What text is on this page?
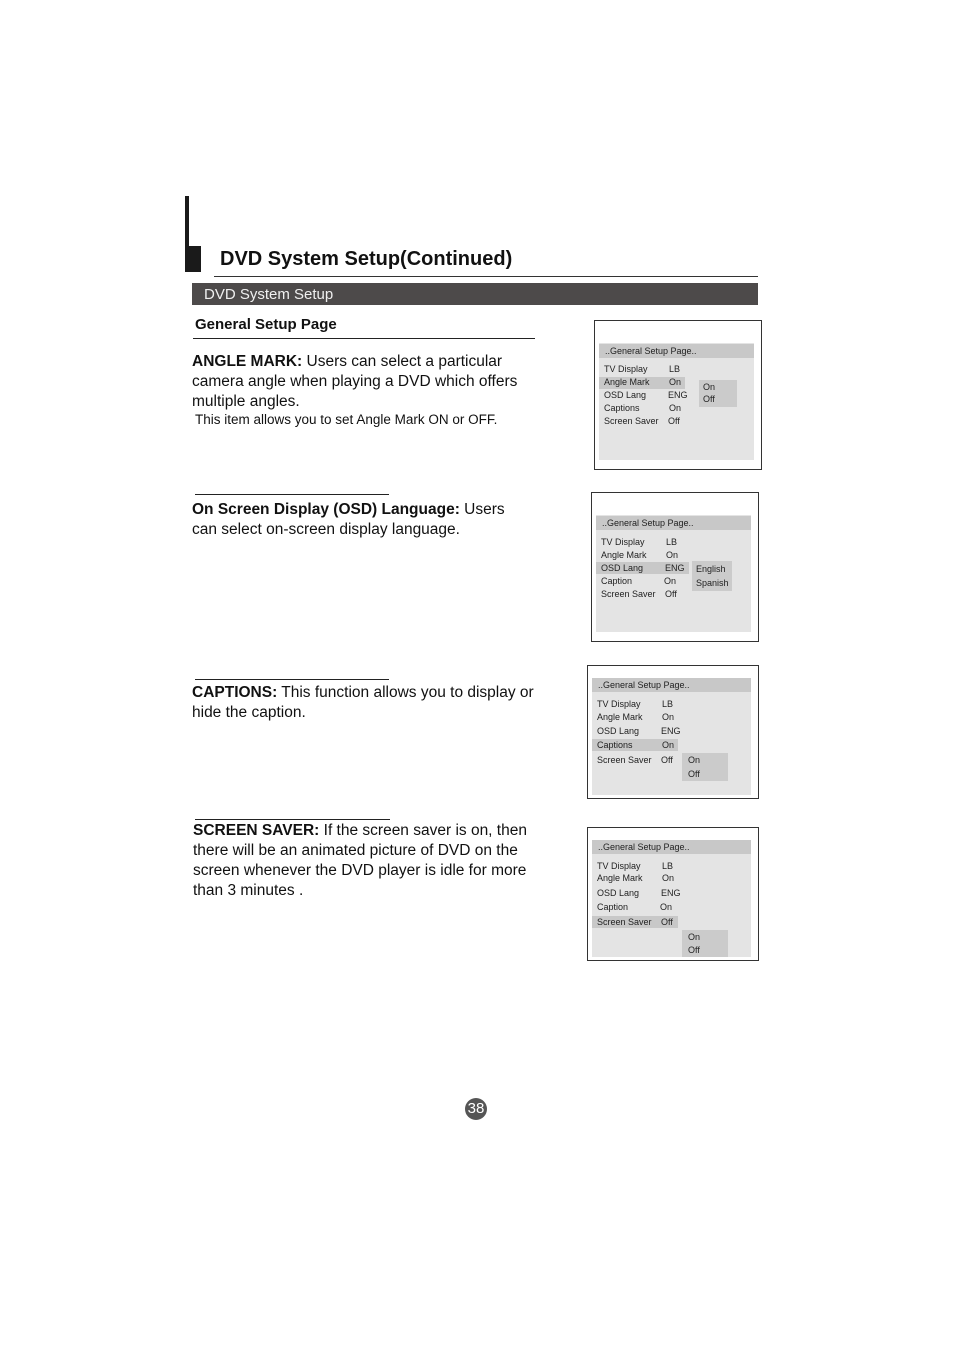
DVD System Setup(Continued)
DVD System Setup
General Setup Page
ANGLE MARK: Users can select a particular
camera angle when playing a DVD which offers
multiple angles.
This item allows you to set Angle Mark ON or OFF.
On Screen Display (OSD) Language: Users
can select on-screen display language.
CAPTIONS: This function allows you to display or
hide the caption.
SCREEN SAVER: If the screen saver is on, then
there will be an animated picture of DVD on the
screen whenever the DVD player is idle for more
than 3 minutes .
..General Setup Page..
TV Display LB
Angle Mark On
OSD Lang ENG
Captions	On
Screen Saver Off
On
Off
..General Setup Page..
TV Display LB
Angle Mark On
OSD Lang ENG
Caption	On
Screen Saver Off
English
Spanish
..General Setup Page..
TV Display LB
Angle Mark On
OSD Lang ENG
Captions	On
Screen Saver Off On
Off
..General Setup Page..
TV Display LB
Angle Mark On
OSD Lang ENG
Caption	On
Screen Saver Off
On
Off
38
